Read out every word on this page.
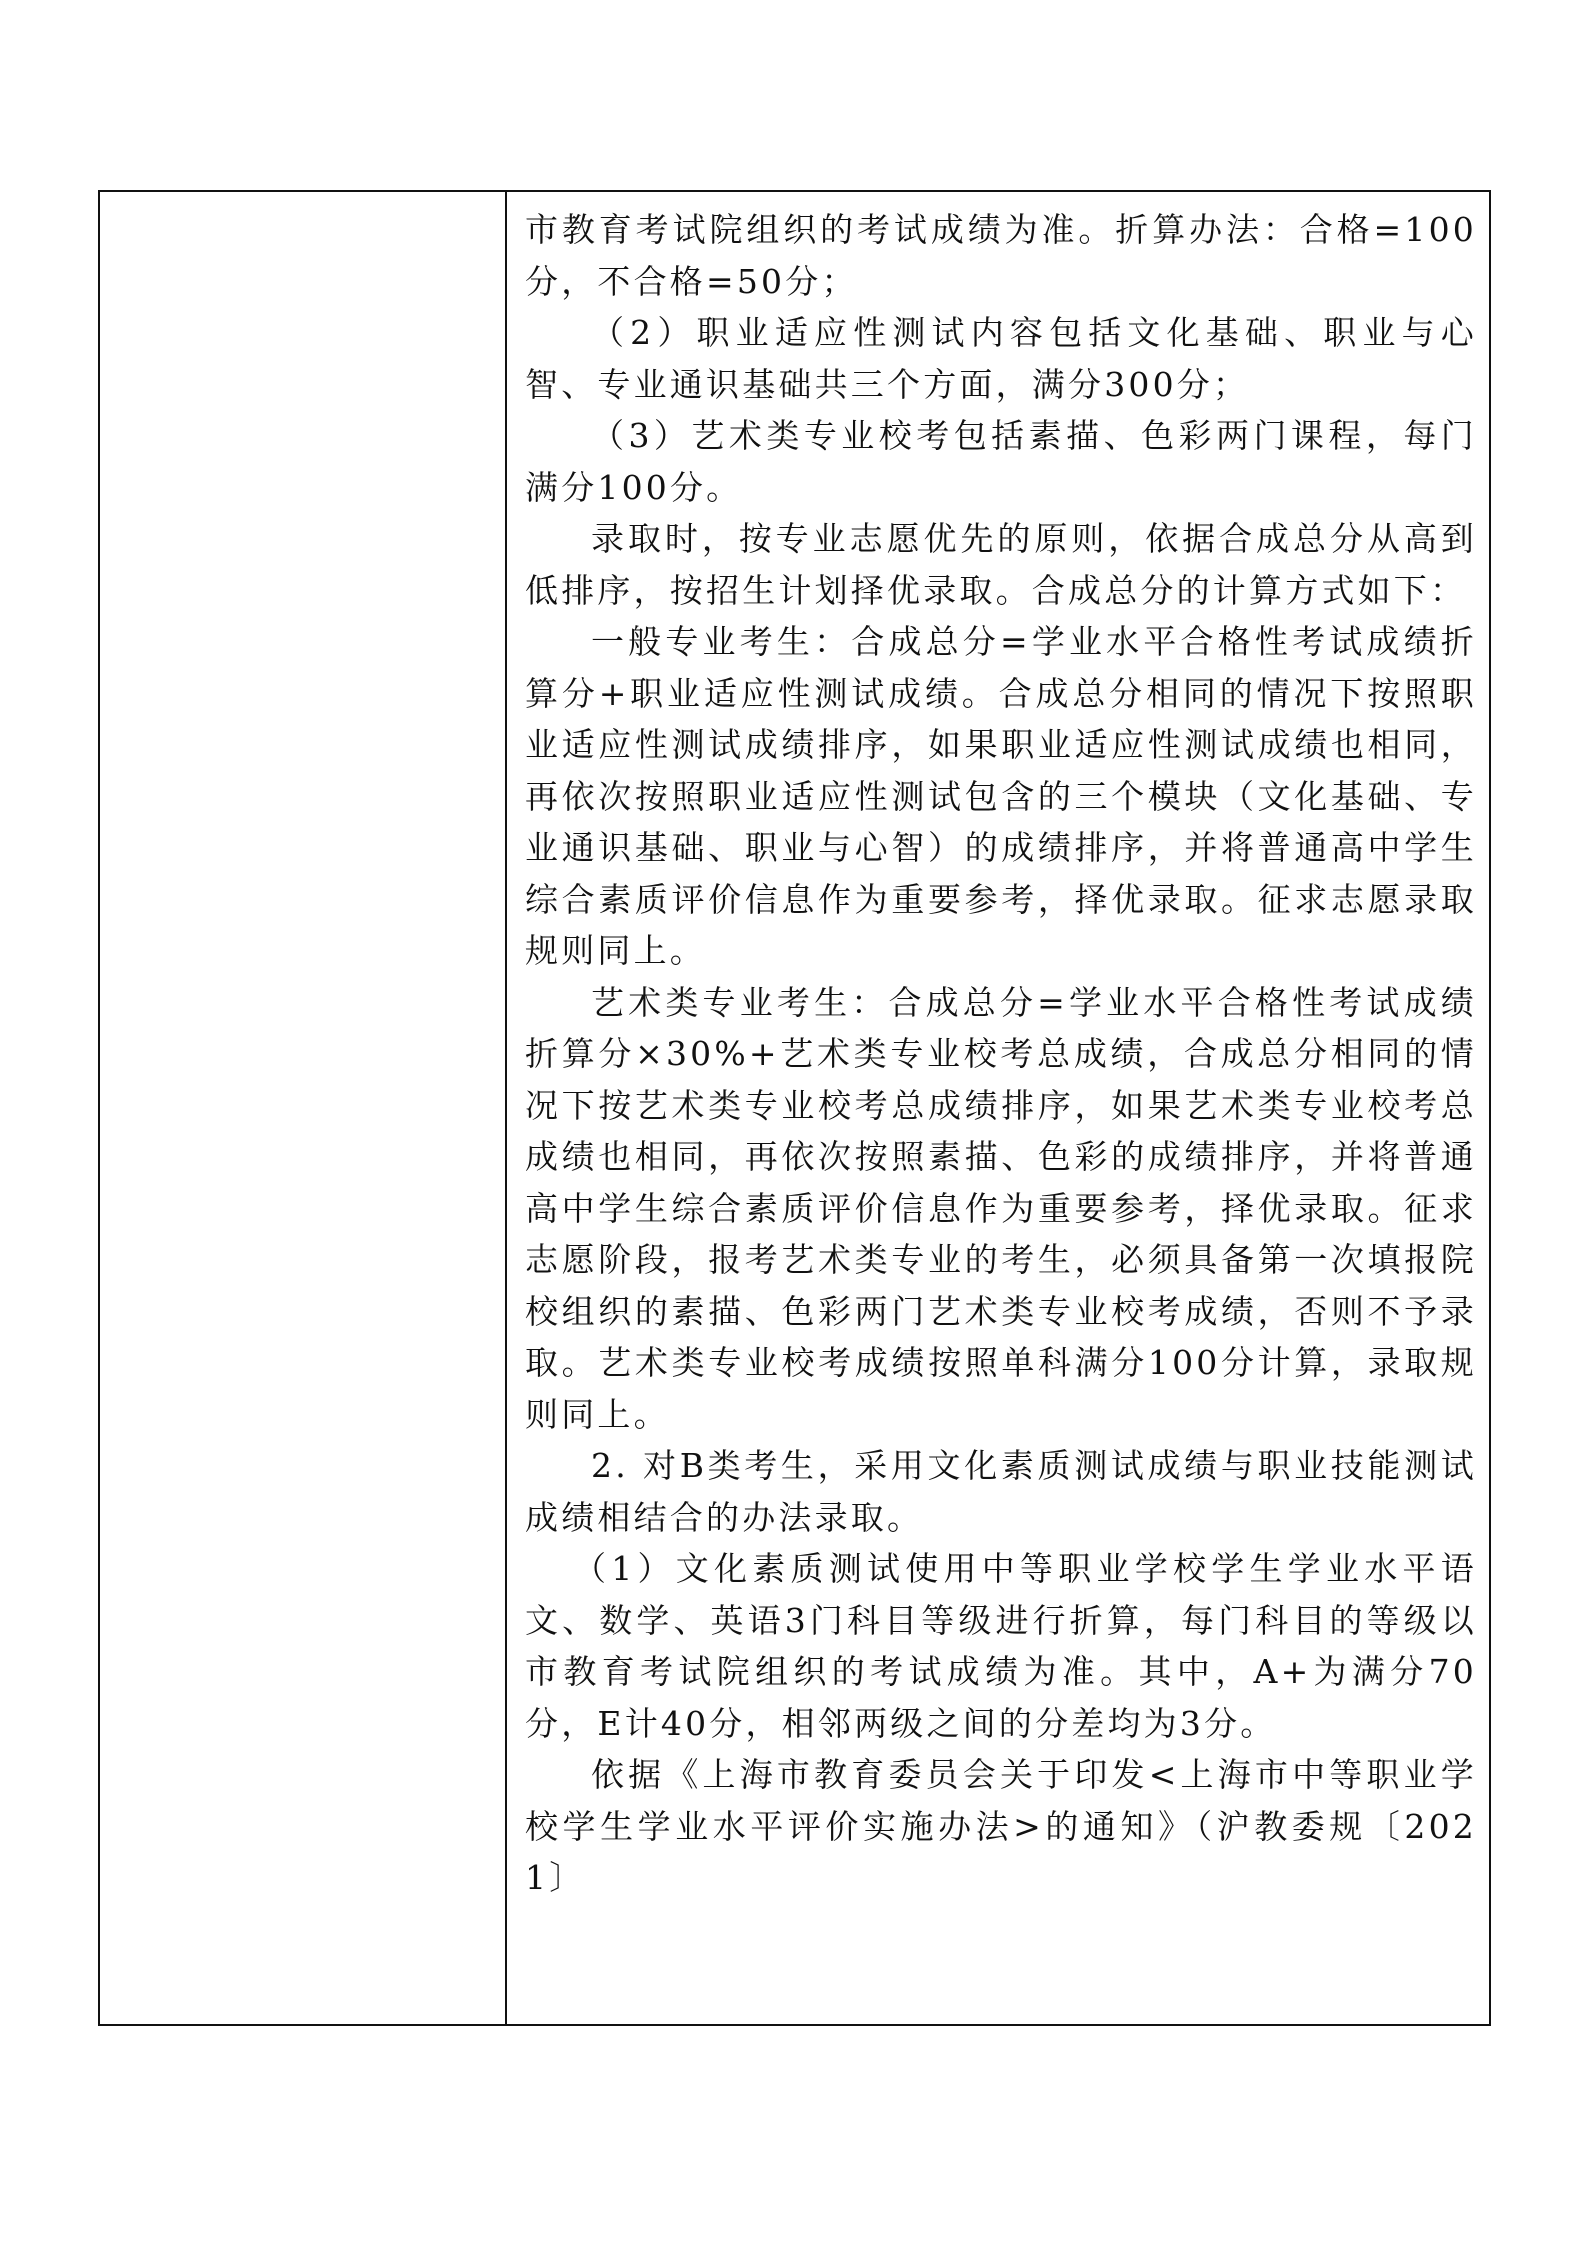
市教育考试院组织的考试成绩为准。折算办法：合格=100分，不合格=50分；

（2）职业适应性测试内容包括文化基础、职业与心智、专业通识基础共三个方面，满分300分；

（3）艺术类专业校考包括素描、色彩两门课程，每门满分100分。

录取时，按专业志愿优先的原则，依据合成总分从高到低排序，按招生计划择优录取。合成总分的计算方式如下：

一般专业考生：合成总分=学业水平合格性考试成绩折算分+职业适应性测试成绩。合成总分相同的情况下按照职业适应性测试成绩排序，如果职业适应性测试成绩也相同，再依次按照职业适应性测试包含的三个模块（文化基础、专业通识基础、职业与心智）的成绩排序，并将普通高中学生综合素质评价信息作为重要参考，择优录取。征求志愿录取规则同上。

艺术类专业考生：合成总分=学业水平合格性考试成绩折算分×30%+艺术类专业校考总成绩，合成总分相同的情况下按艺术类专业校考总成绩排序，如果艺术类专业校考总成绩也相同，再依次按照素描、色彩的成绩排序，并将普通高中学生综合素质评价信息作为重要参考，择优录取。征求志愿阶段，报考艺术类专业的考生，必须具备第一次填报院校组织的素描、色彩两门艺术类专业校考成绩，否则不予录取。艺术类专业校考成绩按照单科满分100分计算，录取规则同上。

2. 对B类考生，采用文化素质测试成绩与职业技能测试成绩相结合的办法录取。

（1）文化素质测试使用中等职业学校学生学业水平语文、数学、英语3门科目等级进行折算，每门科目的等级以市教育考试院组织的考试成绩为准。其中，A+为满分70分，E计40分，相邻两级之间的分差均为3分。

依据《上海市教育委员会关于印发<上海市中等职业学校学生学业水平评价实施办法>的通知》（沪教委规〔2021〕
